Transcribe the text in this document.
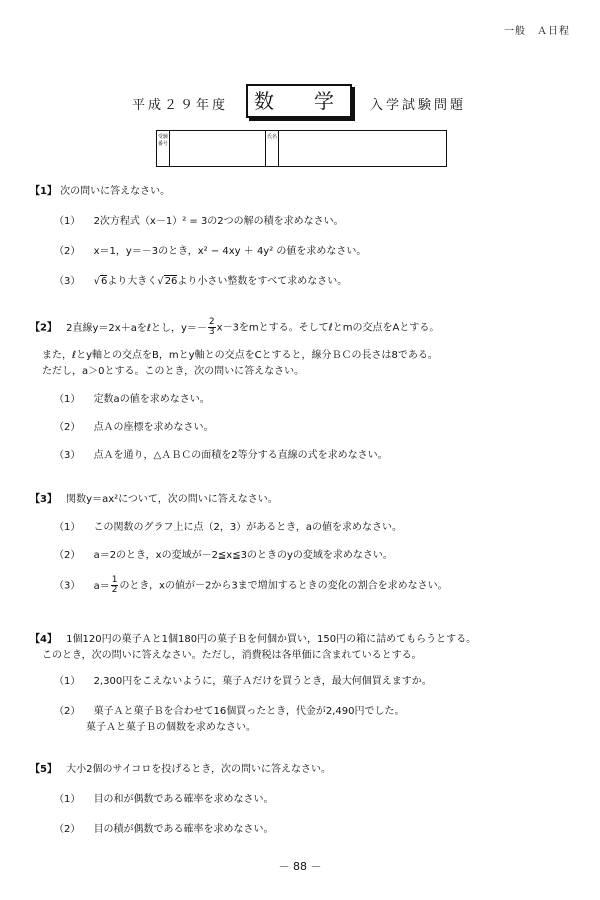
一般　Ａ日程
平成２９年度	数　学	入学試験問題
受験番号
氏名
【1】 次の問いに答えなさい。
（1） 2次方程式（x－1）² = 3の2つの解の積を求めなさい。
（2） x＝1，y＝－3のとき，x² − 4xy ＋ 4y² の値を求めなさい。
（3） √6より大きく√26より小さい整数をすべて求めなさい。
【2】 2直線y＝2x＋aをℓとし，$y=- \frac{2}{3} x-3$をmとする。そしてℓとmの交点をAとする。
また，ℓとy軸との交点をB，mとy軸との交点をCとすると，線分ＢＣの長さは8である。
ただし，a＞0とする。このとき，次の問いに答えなさい。
（1） 定数aの値を求めなさい。
（2） 点Ａの座標を求めなさい。
（3） 点Ａを通り，△ＡＢＣの面積を2等分する直線の式を求めなさい。
【3】 関数y＝ax²について，次の問いに答えなさい。
（1） この関数のグラフ上に点（2，3）があるとき，aの値を求めなさい。
（2） a＝2のとき，xの変域が－2≦x≦3のときのyの変域を求めなさい。
（3） $a= \frac{1}{2}$ のとき，xの値が－2から3まで増加するときの変化の割合を求めなさい。
【4】 1個120円の菓子Ａと1個180円の菓子Ｂを何個か買い，150円の箱に詰めてもらうとする。
このとき，次の問いに答えなさい。ただし，消費税は各単価に含まれているとする。
（1） 2,300円をこえないように，菓子Ａだけを買うとき，最大何個買えますか。
（2） 菓子Ａと菓子Ｂを合わせて16個買ったとき，代金が2,490円でした。
菓子Ａと菓子Ｂの個数を求めなさい。
【5】 大小2個のサイコロを投げるとき，次の問いに答えなさい。
（1） 目の和が偶数である確率を求めなさい。
（2） 目の積が偶数である確率を求めなさい。
－ 88 －
